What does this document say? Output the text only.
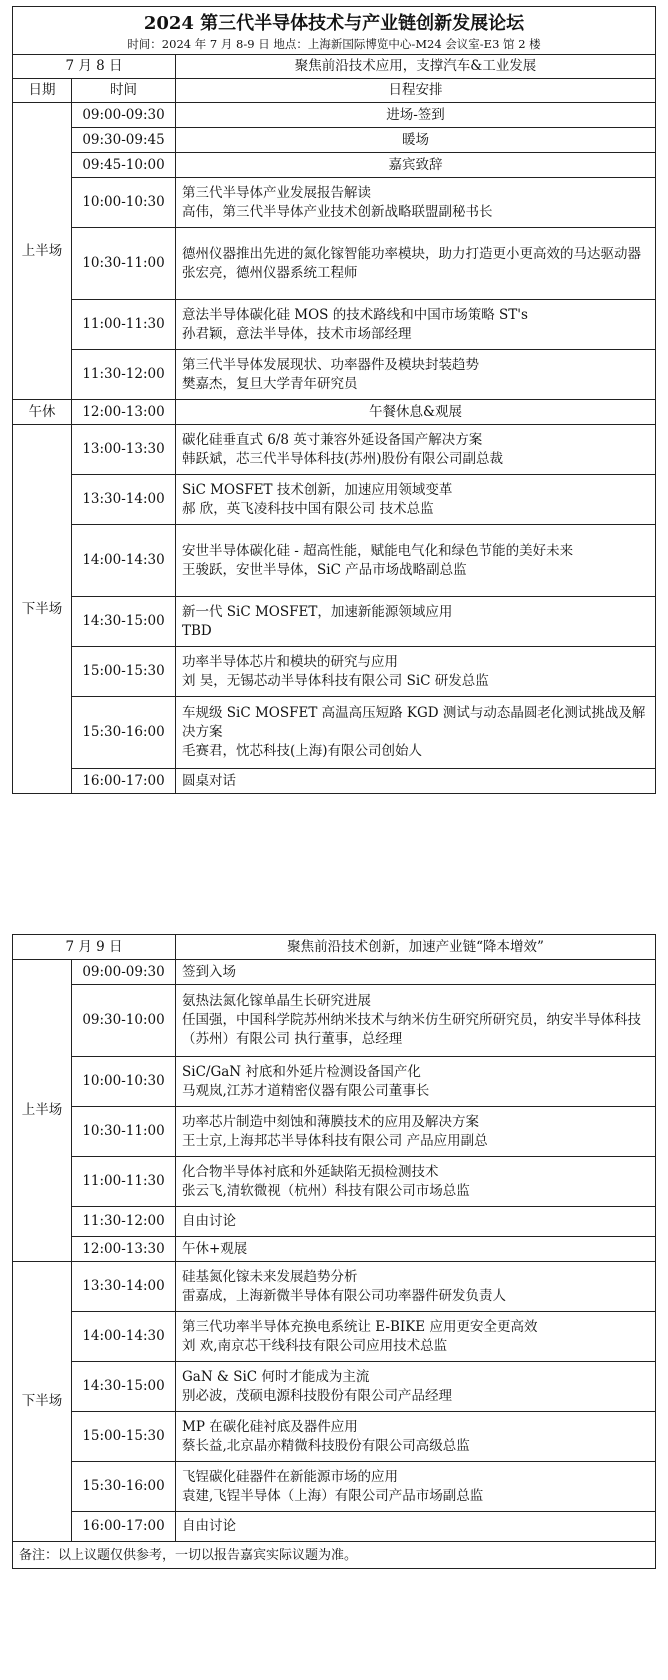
2024 第三代半导体技术与产业链创新发展论坛		
时间：2024 年 7 月 8-9 日 地点：上海新国际博览中心-M24 会议室-E3 馆 2 楼		
7 月 8 日		聚焦前沿技术应用，支撑汽车&工业发展
日期	时间	日程安排
上半场	09:00-09:30	进场-签到

	09:30-09:45	暖场

	09:45-10:00	嘉宾致辞

	10:00-10:30	第三代半导体产业发展报告解读
高伟，第三代半导体产业技术创新战略联盟副秘书长

	10:30-11:00	德州仪器推出先进的氮化镓智能功率模块，助力打造更小更高效的马达驱动器
张宏亮，德州仪器系统工程师

	11:00-11:30	意法半导体碳化硅 MOS 的技术路线和中国市场策略 ST's
孙君颖，意法半导体，技术市场部经理

	11:30-12:00	第三代半导体发展现状、功率器件及模块封装趋势
樊嘉杰，复旦大学青年研究员

午休	12:00-13:00	午餐休息&观展
下半场	13:00-13:30	碳化硅垂直式 6/8 英寸兼容外延设备国产解决方案
韩跃斌，芯三代半导体科技(苏州)股份有限公司副总裁

	13:30-14:00	SiC MOSFET 技术创新，加速应用领域变革
郝 欣，英飞凌科技中国有限公司 技术总监

	14:00-14:30	安世半导体碳化硅 - 超高性能，赋能电气化和绿色节能的美好未来
王骏跃，安世半导体，SiC 产品市场战略副总监

	14:30-15:00	新一代 SiC MOSFET，加速新能源领域应用
TBD

	15:00-15:30	功率半导体芯片和模块的研究与应用
刘 昊，无锡芯动半导体科技有限公司 SiC 研发总监

	15:30-16:00	车规级 SiC MOSFET 高温高压短路 KGD 测试与动态晶圆老化测试挑战及解决方案
毛赛君，忱芯科技(上海)有限公司创始人

	16:00-17:00	圆桌对话
7 月 9 日		聚焦前沿技术创新，加速产业链“降本增效”
上半场	09:00-09:30	签到入场

	09:30-10:00	氨热法氮化镓单晶生长研究进展
任国强，中国科学院苏州纳米技术与纳米仿生研究所研究员，纳安半导体科技（苏州）有限公司 执行董事，总经理

	10:00-10:30	SiC/GaN 衬底和外延片检测设备国产化
马观岚,江苏才道精密仪器有限公司董事长

	10:30-11:00	功率芯片制造中刻蚀和薄膜技术的应用及解决方案
王士京,上海邦芯半导体科技有限公司 产品应用副总

	11:00-11:30	化合物半导体衬底和外延缺陷无损检测技术
张云飞,清软微视（杭州）科技有限公司市场总监

	11:30-12:00	自由讨论

	12:00-13:30	午休+观展

下半场	13:30-14:00	硅基氮化镓未来发展趋势分析
雷嘉成，上海新微半导体有限公司功率器件研发负责人

	14:00-14:30	第三代功率半导体充换电系统让 E-BIKE 应用更安全更高效
刘 欢,南京芯干线科技有限公司应用技术总监

	14:30-15:00	GaN & SiC 何时才能成为主流
别必波，茂硕电源科技股份有限公司产品经理

	15:00-15:30	MP 在碳化硅衬底及器件应用
蔡长益,北京晶亦精微科技股份有限公司高级总监

	15:30-16:00	飞锃碳化硅器件在新能源市场的应用
袁建,飞锃半导体（上海）有限公司产品市场副总监

	16:00-17:00	自由讨论

备注：以上议题仅供参考，一切以报告嘉宾实际议题为准。		
